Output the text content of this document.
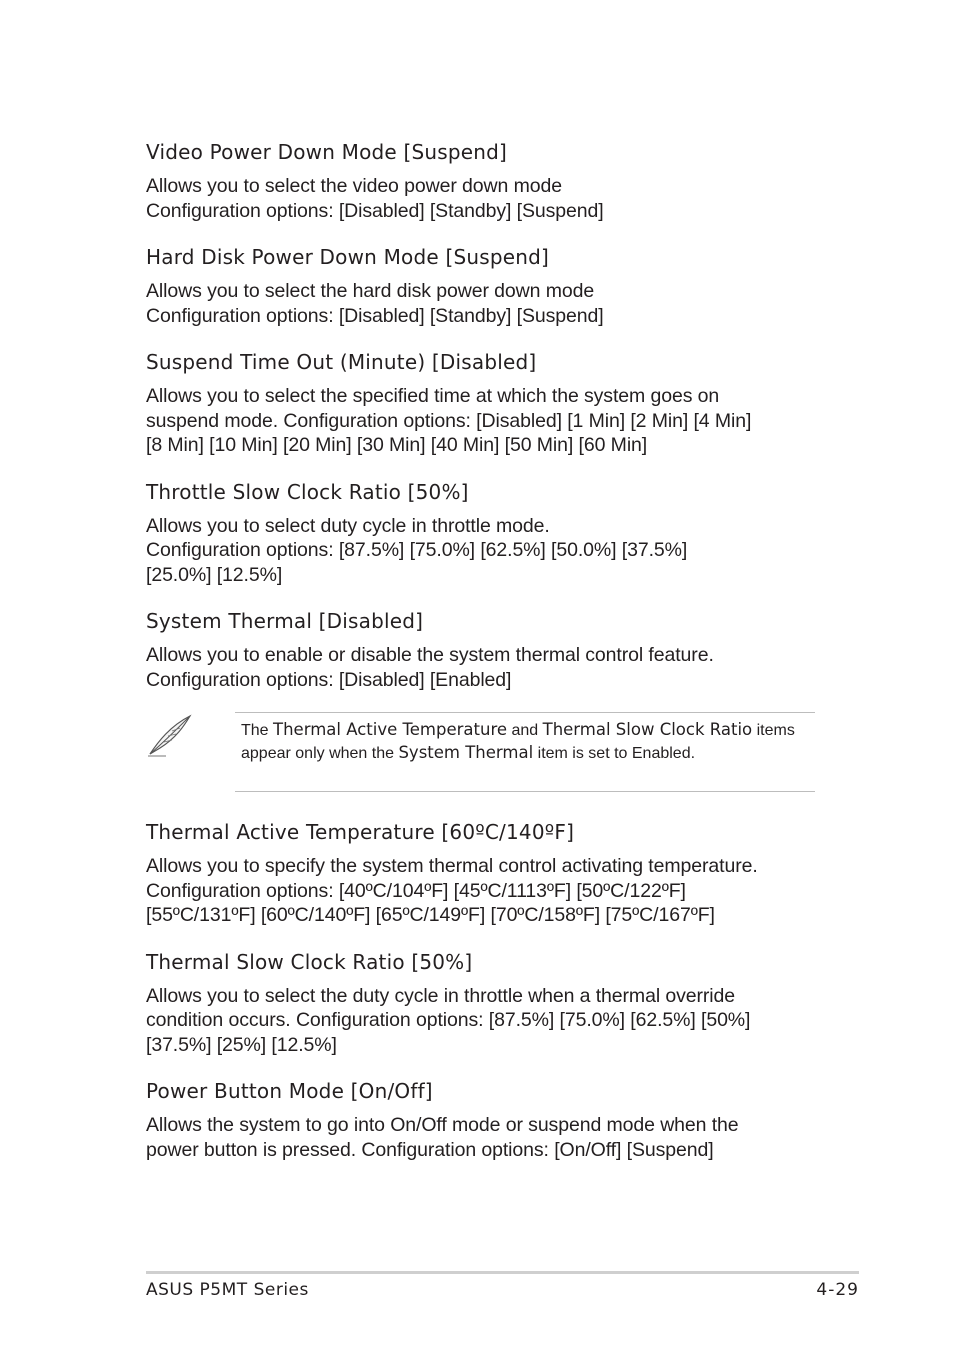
Video Power Down Mode [Suspend]

Allows you to select the video power down mode
Configuration options: [Disabled] [Standby] [Suspend]

Hard Disk Power Down Mode [Suspend]

Allows you to select the hard disk power down mode
Configuration options: [Disabled] [Standby] [Suspend]

Suspend Time Out (Minute) [Disabled]

Allows you to select the specified time at which the system goes on
suspend mode. Configuration options: [Disabled] [1 Min] [2 Min] [4 Min]
[8 Min] [10 Min] [20 Min] [30 Min] [40 Min] [50 Min] [60 Min]

Throttle Slow Clock Ratio [50%]

Allows you to select duty cycle in throttle mode.
Configuration options: [87.5%] [75.0%] [62.5%] [50.0%] [37.5%]
[25.0%] [12.5%]

System Thermal [Disabled]

Allows you to enable or disable the system thermal control feature.
Configuration options: [Disabled] [Enabled]

The Thermal Active Temperature and Thermal Slow Clock Ratio items appear only when the System Thermal item is set to Enabled.

Thermal Active Temperature [60ºC/140ºF]

Allows you to specify the system thermal control activating temperature.
Configuration options: [40ºC/104ºF] [45ºC/1113ºF] [50ºC/122ºF]
[55ºC/131ºF] [60ºC/140ºF] [65ºC/149ºF] [70ºC/158ºF] [75ºC/167ºF]

Thermal Slow Clock Ratio [50%]

Allows you to select the duty cycle in throttle when a thermal override
condition occurs. Configuration options: [87.5%] [75.0%] [62.5%] [50%]
[37.5%] [25%] [12.5%]

Power Button Mode [On/Off]

Allows the system to go into On/Off mode or suspend mode when the
power button is pressed. Configuration options: [On/Off] [Suspend]

ASUS P5MT Series	4-29
